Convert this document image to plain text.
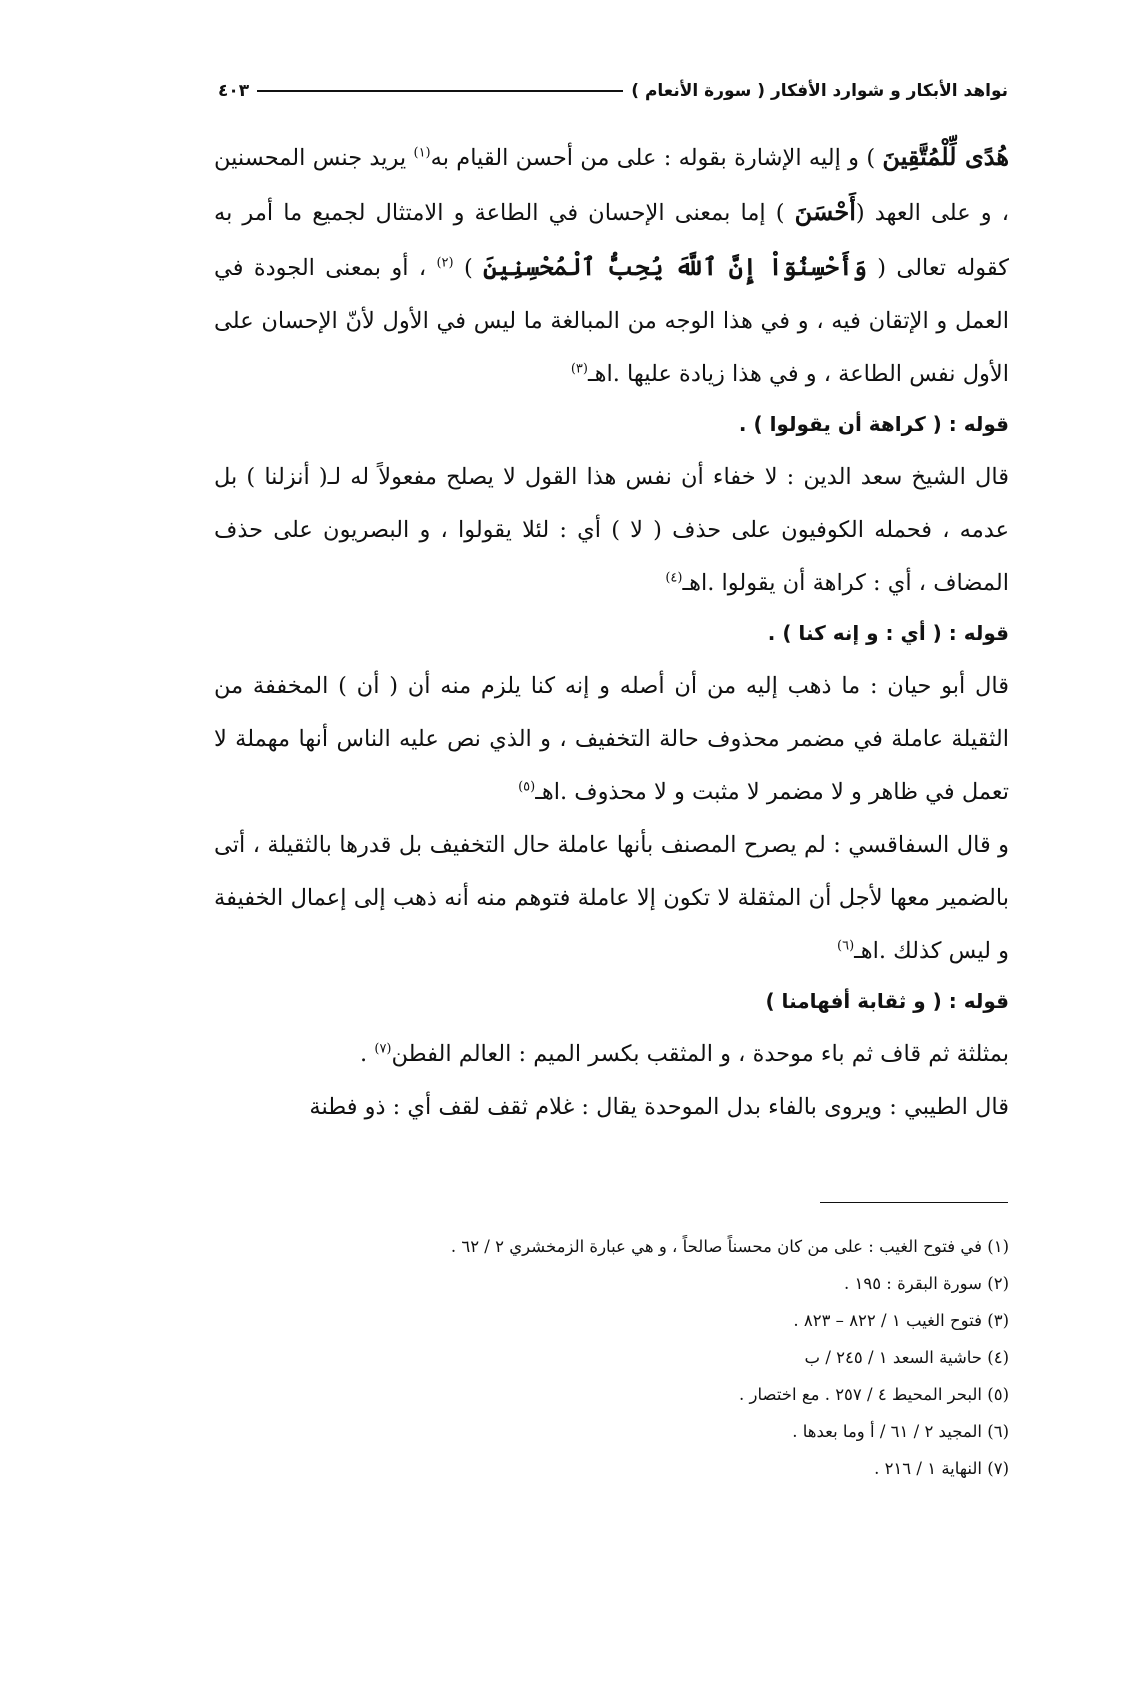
نواهد الأبكار و شوارد الأفكار ( سورة الأنعام )
٤٠٣

هُدًى لِّلْمُتَّقِينَ ) و إليه الإشارة بقوله : على من أحسن القيام به$^{(١)}$ يريد جنس المحسنين ، و على العهد (أَحْسَنَ ) إما بمعنى الإحسان في الطاعة و الامتثال لجميع ما أمر به كقوله تعالى ( وَأَحْسِنُوٓاْ إِنَّ ٱللَّهَ يُحِبُّ ٱلْمُحْسِنِينَ ) $^{(٢)}$ ، أو بمعنى الجودة في العمل و الإتقان فيه ، و في هذا الوجه من المبالغة ما ليس في الأول لأنّ الإحسان على الأول نفس الطاعة ، و في هذا زيادة عليها .اهـ$^{(٣)}$

قوله : ( كراهة أن يقولوا ) .

قال الشيخ سعد الدين : لا خفاء أن نفس هذا القول لا يصلح مفعولاً له لـ( أنزلنا ) بل عدمه ، فحمله الكوفيون على حذف ( لا ) أي : لئلا يقولوا ، و البصريون على حذف المضاف ، أي : كراهة أن يقولوا .اهـ$^{(٤)}$

قوله : ( أي : و إنه كنا ) .

قال أبو حيان : ما ذهب إليه من أن أصله و إنه كنا يلزم منه أن ( أن ) المخففة من الثقيلة عاملة في مضمر محذوف حالة التخفيف ، و الذي نص عليه الناس أنها مهملة لا تعمل في ظاهر و لا مضمر لا مثبت و لا محذوف .اهـ$^{(٥)}$

و قال السفاقسي : لم يصرح المصنف بأنها عاملة حال التخفيف بل قدرها بالثقيلة ، أتى بالضمير معها لأجل أن المثقلة لا تكون إلا عاملة فتوهم منه أنه ذهب إلى إعمال الخفيفة و ليس كذلك .اهـ$^{(٦)}$

قوله : ( و ثقابة أفهامنا )

بمثلثة ثم قاف ثم باء موحدة ، و المثقب بكسر الميم : العالم الفطن$^{(٧)}$ .

قال الطيبي : ويروى بالفاء بدل الموحدة يقال : غلام ثقف لقف أي : ذو فطنة

(١) في فتوح الغيب : على من كان محسناً صالحاً ، و هي عبارة الزمخشري ٢ / ٦٢ .
(٢) سورة البقرة : ١٩٥ .
(٣) فتوح الغيب ١ / ٨٢٢ – ٨٢٣ .
(٤) حاشية السعد ١ / ٢٤٥ / ب
(٥) البحر المحيط ٤ / ٢٥٧ . مع اختصار .
(٦) المجيد ٢ / ٦١ / أ وما بعدها .
(٧) النهاية ١ / ٢١٦ .
